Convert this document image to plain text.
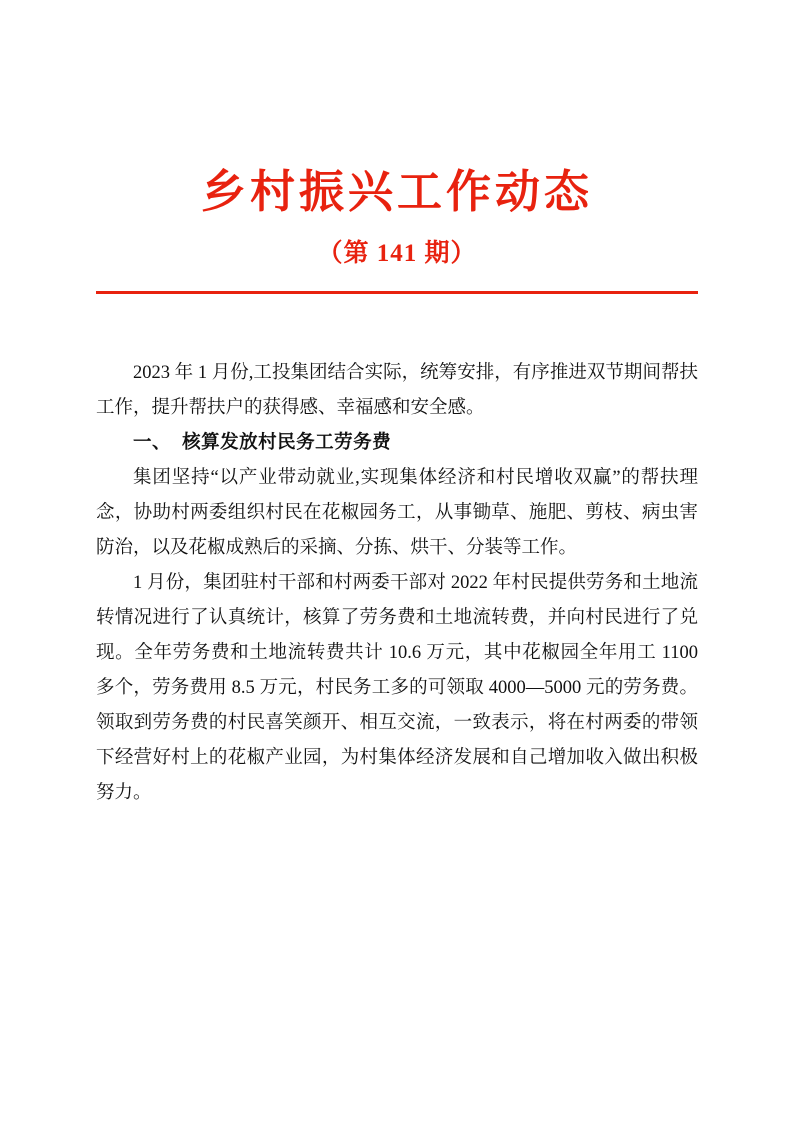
乡村振兴工作动态
（第 141 期）

2023 年 1 月份,工投集团结合实际，统筹安排，有序推进双节期间帮扶工作，提升帮扶户的获得感、幸福感和安全感。

一、 核算发放村民务工劳务费

集团坚持“以产业带动就业,实现集体经济和村民增收双赢”的帮扶理念，协助村两委组织村民在花椒园务工，从事锄草、施肥、剪枝、病虫害防治，以及花椒成熟后的采摘、分拣、烘干、分装等工作。

1 月份，集团驻村干部和村两委干部对 2022 年村民提供劳务和土地流转情况进行了认真统计，核算了劳务费和土地流转费，并向村民进行了兑现。全年劳务费和土地流转费共计 10.6 万元，其中花椒园全年用工 1100 多个，劳务费用 8.5 万元，村民务工多的可领取 4000—5000 元的劳务费。领取到劳务费的村民喜笑颜开、相互交流，一致表示，将在村两委的带领下经营好村上的花椒产业园，为村集体经济发展和自己增加收入做出积极努力。
